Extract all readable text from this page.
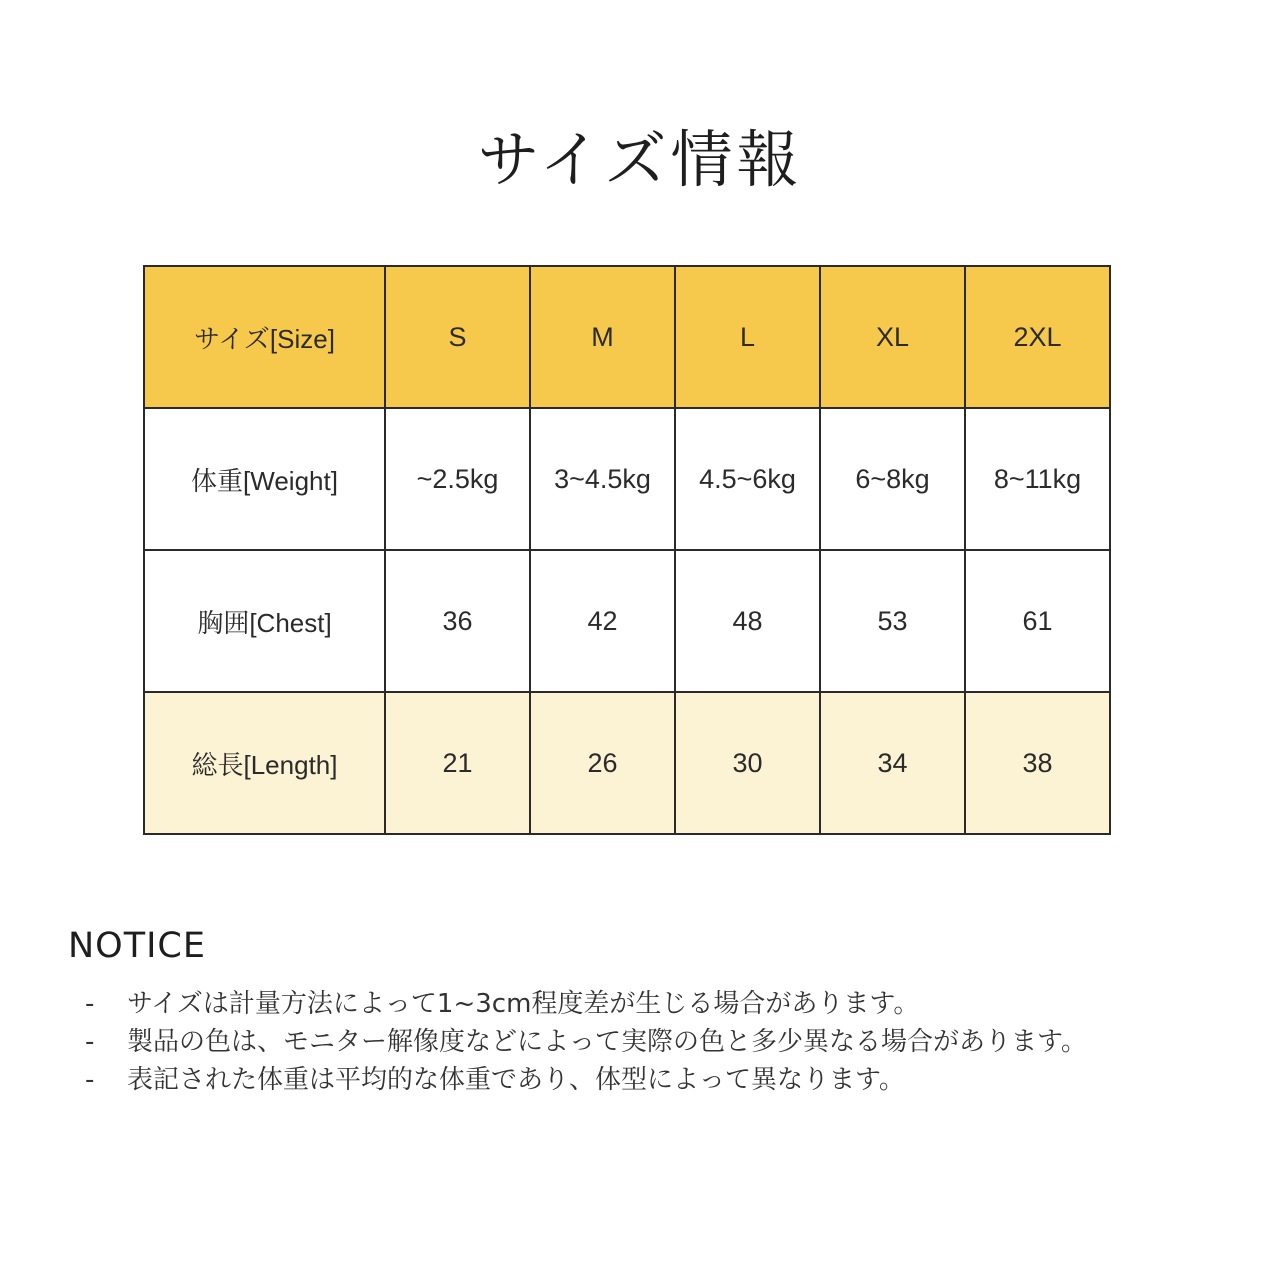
サイズ情報
サイズ[Size]	S	M	L	XL	2XL
体重[Weight]	~2.5kg	3~4.5kg	4.5~6kg	6~8kg	8~11kg
胸囲[Chest]	36	42	48	53	61
総長[Length]	21	26	30	34	38
NOTICE
- サイズは計量方法によって1~3cm程度差が生じる場合があります。
- 製品の色は、モニター解像度などによって実際の色と多少異なる場合があります。
- 表記された体重は平均的な体重であり、体型によって異なります。
